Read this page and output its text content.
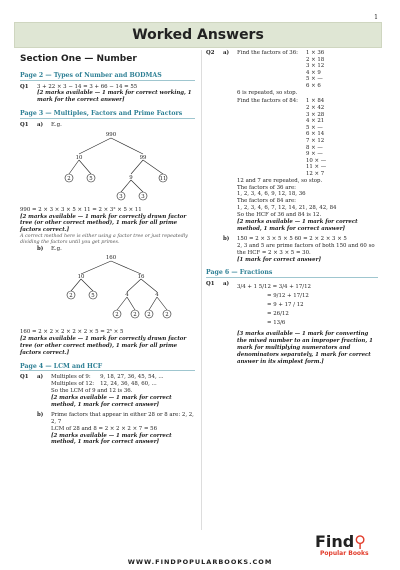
1
Worked Answers
Section One — Number
Page 2 — Types of Number and BODMAS
Q1	3 + 22 × 3 − 14 = 3 + 66 − 14 = 55
[2 marks available — 1 mark for correct working, 1 mark for the correct answer]
Page 3 — Multiples, Factors and Prime Factors
Q1	a)	E.g.
990
10	99
2	5	9	11
3	3
990 = 2 × 3 × 3 × 5 × 11 = 2 × 3² × 5 × 11
[2 marks available — 1 mark for correctly drawn factor tree (or other correct method), 1 mark for all prime factors correct.]
A correct method here is either using a factor tree or just repeatedly dividing the factors until you get primes.
b)	E.g.
160
10	16
2	5	4	4
2	2 2	2
160 = 2 × 2 × 2 × 2 × 2 × 5 = 2⁵ × 5
[2 marks available — 1 mark for correctly drawn factor tree (or other correct method), 1 mark for all prime factors correct.]
Page 4 — LCM and HCF
Q1	a)	Multiples of 9:	9, 18, 27, 36, 45, 54, ...
Multiples of 12: 12, 24, 36, 48, 60, ...
So the LCM of 9 and 12 is 36.
[2 marks available — 1 mark for correct method, 1 mark for correct answer]
b)	Prime factors that appear in either 28 or 8 are: 2, 2, 2, 7
LCM of 28 and 8 = 2 × 2 × 2 × 7 = 56
[2 marks available — 1 mark for correct method, 1 mark for correct answer]
Q2	a)	Find the factors of 36: 1 × 36
2 × 18
3 × 12
4 × 9
5 × —
6 × 6
6 is repeated, so stop.
Find the factors of 84: 1 × 84
2 × 42
3 × 28
4 × 21
5 × —
6 × 14
7 × 12
8 × —
9 × —
10 × —
11 × —
12 × 7
12 and 7 are repeated, so stop.
The factors of 36 are:
1, 2, 3, 4, 6, 9, 12, 18, 36
The factors of 84 are:
1, 2, 3, 4, 6, 7, 12, 14, 21, 28, 42, 84
So the HCF of 36 and 84 is 12.
[2 marks available — 1 mark for correct method, 1 mark for correct answer]
b)	150 = 2 × 3 × 5 × 5 60 = 2 × 2 × 3 × 5
2, 3 and 5 are prime factors of both 150 and 60 so the HCF = 2 × 3 × 5 = 30.
[1 mark for correct answer]
Page 6 — Fractions
Q1	a)	3/4 + 1 5/12 = 3/4 + 17/12
= 9/12 + 17/12
= 9 + 17 / 12
= 26/12
= 13/6
[3 marks available — 1 mark for converting the mixed number to an improper fraction, 1 mark for multiplying numerators and denominators separately, 1 mark for correct answer in its simplest form.]
Find⚲
Popular Books
WWW.FINDPOPULARBOOKS.COM
